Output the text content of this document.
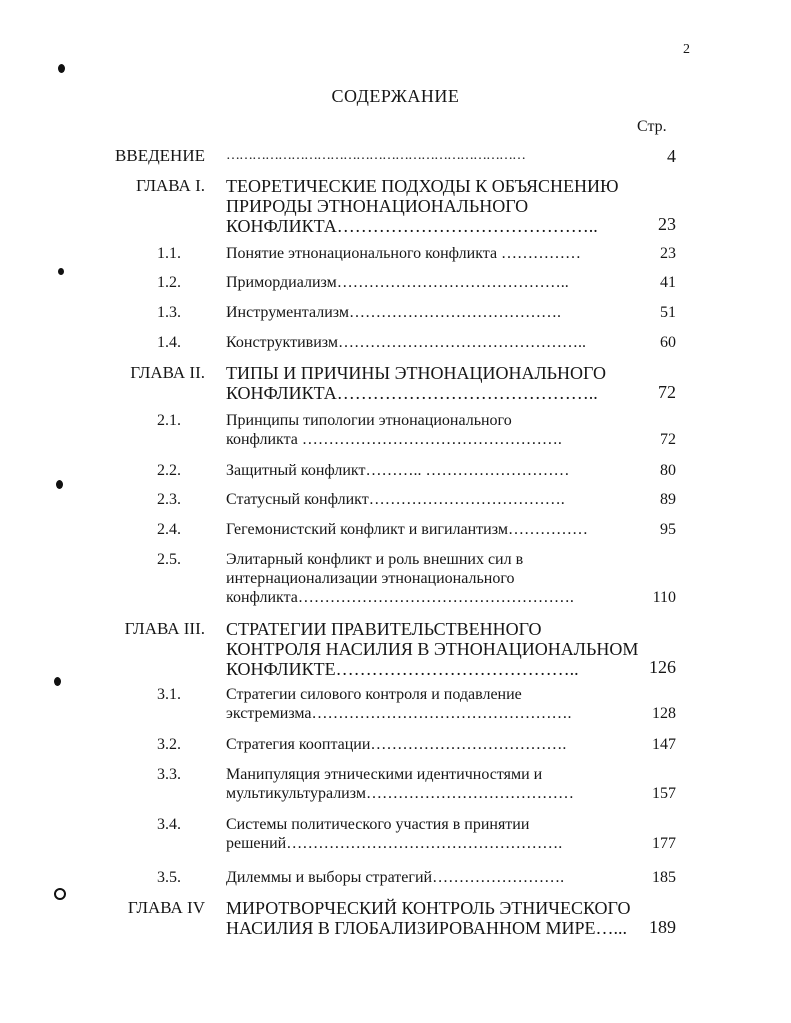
2
СОДЕРЖАНИЕ
Стр.
ВВЕДЕНИЕ ……………………………………………………………	4
ГЛАВА I. ТЕОРЕТИЧЕСКИЕ ПОДХОДЫ К ОБЪЯСНЕНИЮ
ПРИРОДЫ ЭТНОНАЦИОНАЛЬНОГО
КОНФЛИКТА……………………………………..	23
1.1.	Понятие этнонационального конфликта ……………	23
1.2.	Примордиализм……………………………………..	41
1.3.	Инструментализм………………………………….	51
1.4.	Конструктивизм………………………………………..	60
ГЛАВА II. ТИПЫ И ПРИЧИНЫ ЭТНОНАЦИОНАЛЬНОГО
КОНФЛИКТА……………………………………..	72
2.1.	Принципы типологии этнонационального
конфликта ………………………………………….	72
2.2.	Защитный конфликт……….. ………………………	80
2.3.	Статусный конфликт……………………………….	89
2.4.	Гегемонистский конфликт и вигилантизм……………	95
2.5.	Элитарный конфликт и роль внешних сил в
интернационализации этнонационального
конфликта…………………………………………….	110
ГЛАВА III. СТРАТЕГИИ ПРАВИТЕЛЬСТВЕННОГО
КОНТРОЛЯ НАСИЛИЯ В ЭТНОНАЦИОНАЛЬНОМ
КОНФЛИКТЕ…………………………………..	126
3.1.	Стратегии силового контроля и подавление
экстремизма………………………………………….	128
3.2.	Стратегия кооптации……………………………….	147
3.3.	Манипуляция этническими идентичностями и
мультикультурализм…………………………………	157
3.4.	Системы политического участия в принятии
решений…………………………………………….	177
3.5.	Дилеммы и выборы стратегий…………………….	185
ГЛАВА IV МИРОТВОРЧЕСКИЙ КОНТРОЛЬ ЭТНИЧЕСКОГО
НАСИЛИЯ В ГЛОБАЛИЗИРОВАННОМ МИРЕ…...	189
